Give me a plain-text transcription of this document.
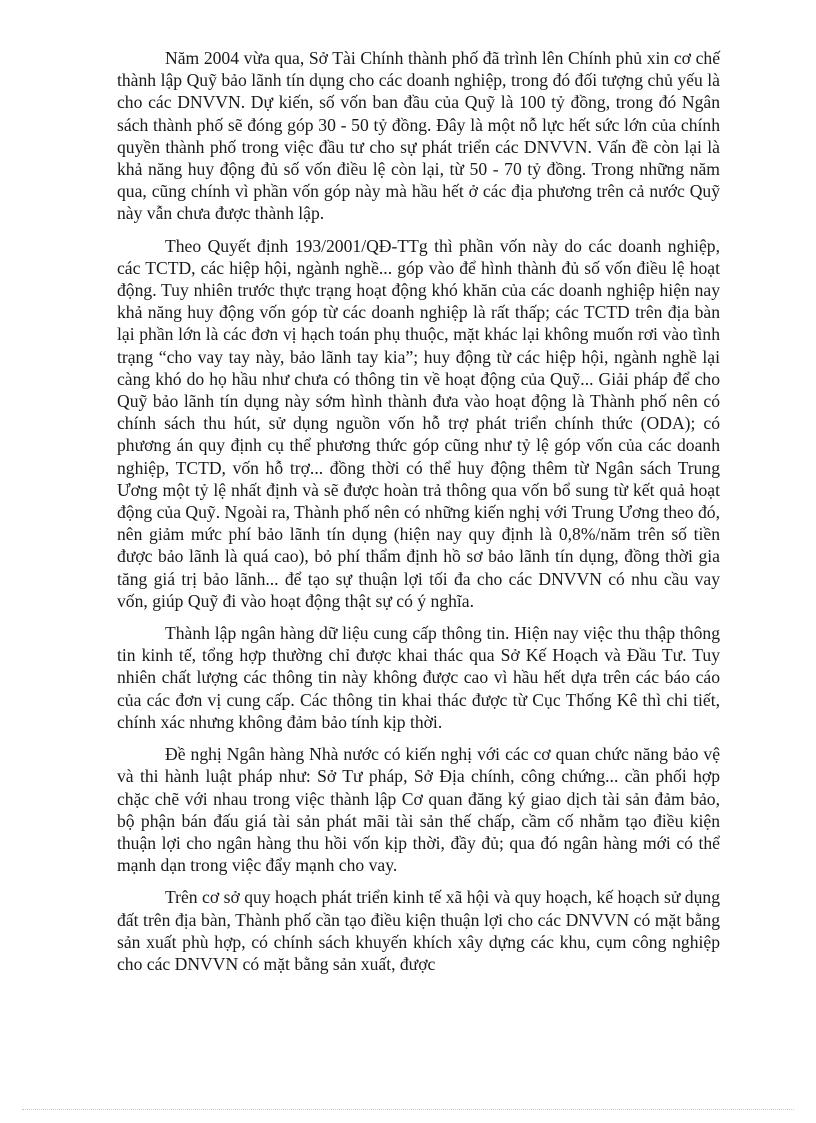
Năm 2004 vừa qua, Sở Tài Chính thành phố đã trình lên Chính phủ xin cơ chế thành lập Quỹ bảo lãnh tín dụng cho các doanh nghiệp, trong đó đối tượng chủ yếu là cho các DNVVN. Dự kiến, số vốn ban đầu của Quỹ là 100 tỷ đồng, trong đó Ngân sách thành phố sẽ đóng góp 30 - 50 tỷ đồng. Đây là một nỗ lực hết sức lớn của chính quyền thành phố trong việc đầu tư cho sự phát triển các DNVVN. Vấn đề còn lại là khả năng huy động đủ số vốn điều lệ còn lại, từ 50 - 70 tỷ đồng. Trong những năm qua, cũng chính vì phần vốn góp này mà hầu hết ở các địa phương trên cả nước Quỹ này vẫn chưa được thành lập.

Theo Quyết định 193/2001/QĐ-TTg thì phần vốn này do các doanh nghiệp, các TCTD, các hiệp hội, ngành nghề... góp vào để hình thành đủ số vốn điều lệ hoạt động. Tuy nhiên trước thực trạng hoạt động khó khăn của các doanh nghiệp hiện nay khả năng huy động vốn góp từ các doanh nghiệp là rất thấp; các TCTD trên địa bàn lại phần lớn là các đơn vị hạch toán phụ thuộc, mặt khác lại không muốn rơi vào tình trạng “cho vay tay này, bảo lãnh tay kia”; huy động từ các hiệp hội, ngành nghề lại càng khó do họ hầu như chưa có thông tin về hoạt động của Quỹ... Giải pháp để cho Quỹ bảo lãnh tín dụng này sớm hình thành đưa vào hoạt động là Thành phố nên có chính sách thu hút, sử dụng nguồn vốn hỗ trợ phát triển chính thức (ODA); có phương án quy định cụ thể phương thức góp cũng như tỷ lệ góp vốn của các doanh nghiệp, TCTD, vốn hỗ trợ... đồng thời có thể huy động thêm từ Ngân sách Trung Ương một tỷ lệ nhất định và sẽ được hoàn trả thông qua vốn bổ sung từ kết quả hoạt động của Quỹ. Ngoài ra, Thành phố nên có những kiến nghị với Trung Ương theo đó, nên giảm mức phí bảo lãnh tín dụng (hiện nay quy định là 0,8%/năm trên số tiền được bảo lãnh là quá cao), bỏ phí thẩm định hồ sơ bảo lãnh tín dụng, đồng thời gia tăng giá trị bảo lãnh... để tạo sự thuận lợi tối đa cho các DNVVN có nhu cầu vay vốn, giúp Quỹ đi vào hoạt động thật sự có ý nghĩa.

Thành lập ngân hàng dữ liệu cung cấp thông tin. Hiện nay việc thu thập thông tin kinh tế, tổng hợp thường chỉ được khai thác qua Sở Kế Hoạch và Đầu Tư. Tuy nhiên chất lượng các thông tin này không được cao vì hầu hết dựa trên các báo cáo của các đơn vị cung cấp. Các thông tin khai thác được từ Cục Thống Kê thì chi tiết, chính xác nhưng không đảm bảo tính kịp thời.

Đề nghị Ngân hàng Nhà nước có kiến nghị với các cơ quan chức năng bảo vệ và thi hành luật pháp như: Sở Tư pháp, Sở Địa chính, công chứng... cần phối hợp chặc chẽ với nhau trong việc thành lập Cơ quan đăng ký giao dịch tài sản đảm bảo, bộ phận bán đấu giá tài sản phát mãi tài sản thế chấp, cầm cố nhằm tạo điều kiện thuận lợi cho ngân hàng thu hồi vốn kịp thời, đầy đủ; qua đó ngân hàng mới có thể mạnh dạn trong việc đẩy mạnh cho vay.

Trên cơ sở quy hoạch phát triển kinh tế xã hội và quy hoạch, kế hoạch sử dụng đất trên địa bàn, Thành phố cần tạo điều kiện thuận lợi cho các DNVVN có mặt bằng sản xuất phù hợp, có chính sách khuyến khích xây dựng các khu, cụm công nghiệp cho các DNVVN có mặt bằng sản xuất, được
